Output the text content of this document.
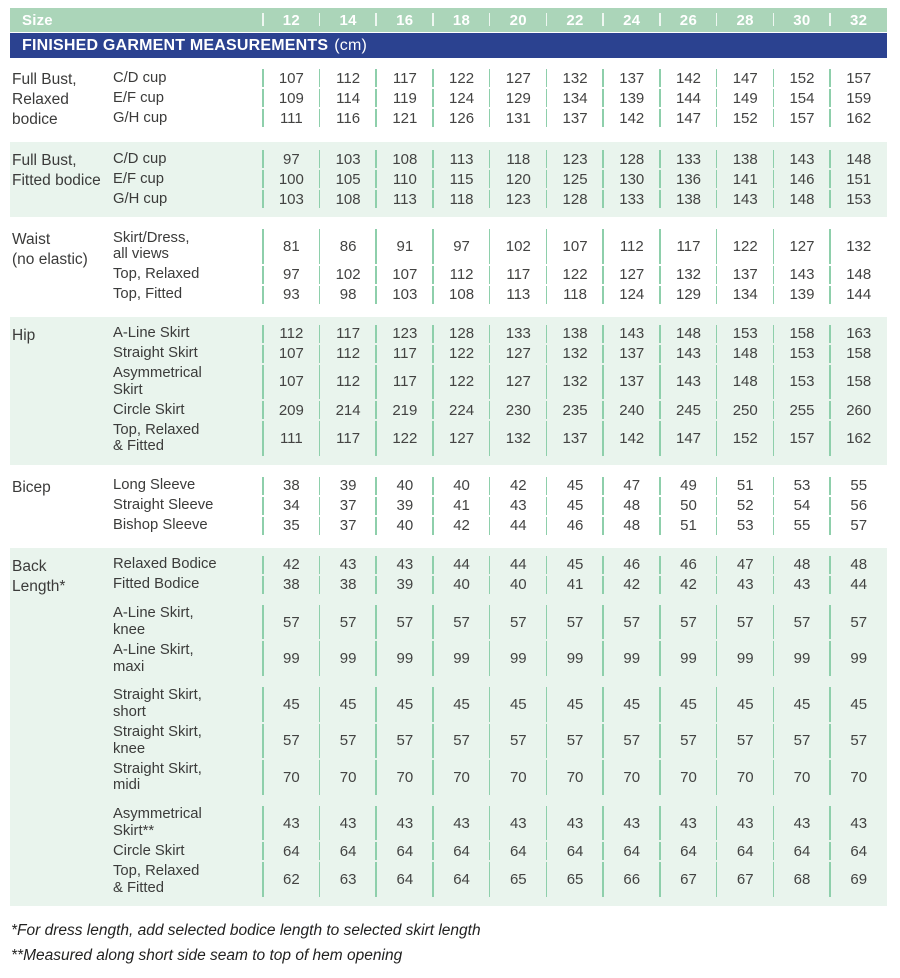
Size	12	14	16	18	20	22	24	26	28	30	32
FINISHED GARMENT MEASUREMENTS (cm)
Full Bust,
Relaxed
bodice
C/D cup	107	112	117	122	127	132	137	142	147	152	157
E/F cup	109	114	119	124	129	134	139	144	149	154	159
G/H cup	111	116	121	126	131	137	142	147	152	157	162
Full Bust,
Fitted bodice
C/D cup	97	103	108	113	118	123	128	133	138	143	148
E/F cup	100	105	110	115	120	125	130	136	141	146	151
G/H cup	103	108	113	118	123	128	133	138	143	148	153
Waist
(no elastic)
Skirt/Dress,
all views	81	86	91	97	102	107	112	117	122	127	132
Top, Relaxed	97	102	107	112	117	122	127	132	137	143	148
Top, Fitted	93	98	103	108	113	118	124	129	134	139	144
Hip	A-Line Skirt	112	117	123	128	133	138	143	148	153	158	163
Straight Skirt	107	112	117	122	127	132	137	143	148	153	158
Asymmetrical
Skirt	107	112	117	122	127	132	137	143	148	153	158
Circle Skirt	209	214	219	224	230	235	240	245	250	255	260
Top, Relaxed
& Fitted	111	117	122	127	132	137	142	147	152	157	162
Bicep	Long Sleeve	38	39	40	40	42	45	47	49	51	53	55
Straight Sleeve	34	37	39	41	43	45	48	50	52	54	56
Bishop Sleeve	35	37	40	42	44	46	48	51	53	55	57
Back
Length*
Relaxed Bodice	42	43	43	44	44	45	46	46	47	48	48
Fitted Bodice	38	38	39	40	40	41	42	42	43	43	44
A-Line Skirt,
knee	57	57	57	57	57	57	57	57	57	57	57
A-Line Skirt,
maxi	99	99	99	99	99	99	99	99	99	99	99
Straight Skirt,
short	45	45	45	45	45	45	45	45	45	45	45
Straight Skirt,
knee	57	57	57	57	57	57	57	57	57	57	57
Straight Skirt,
midi	70	70	70	70	70	70	70	70	70	70	70
Asymmetrical
Skirt**	43	43	43	43	43	43	43	43	43	43	43
Circle Skirt	64	64	64	64	64	64	64	64	64	64	64
Top, Relaxed
& Fitted	62	63	64	64	65	65	66	67	67	68	69
*For dress length, add selected bodice length to selected skirt length
**Measured along short side seam to top of hem opening
